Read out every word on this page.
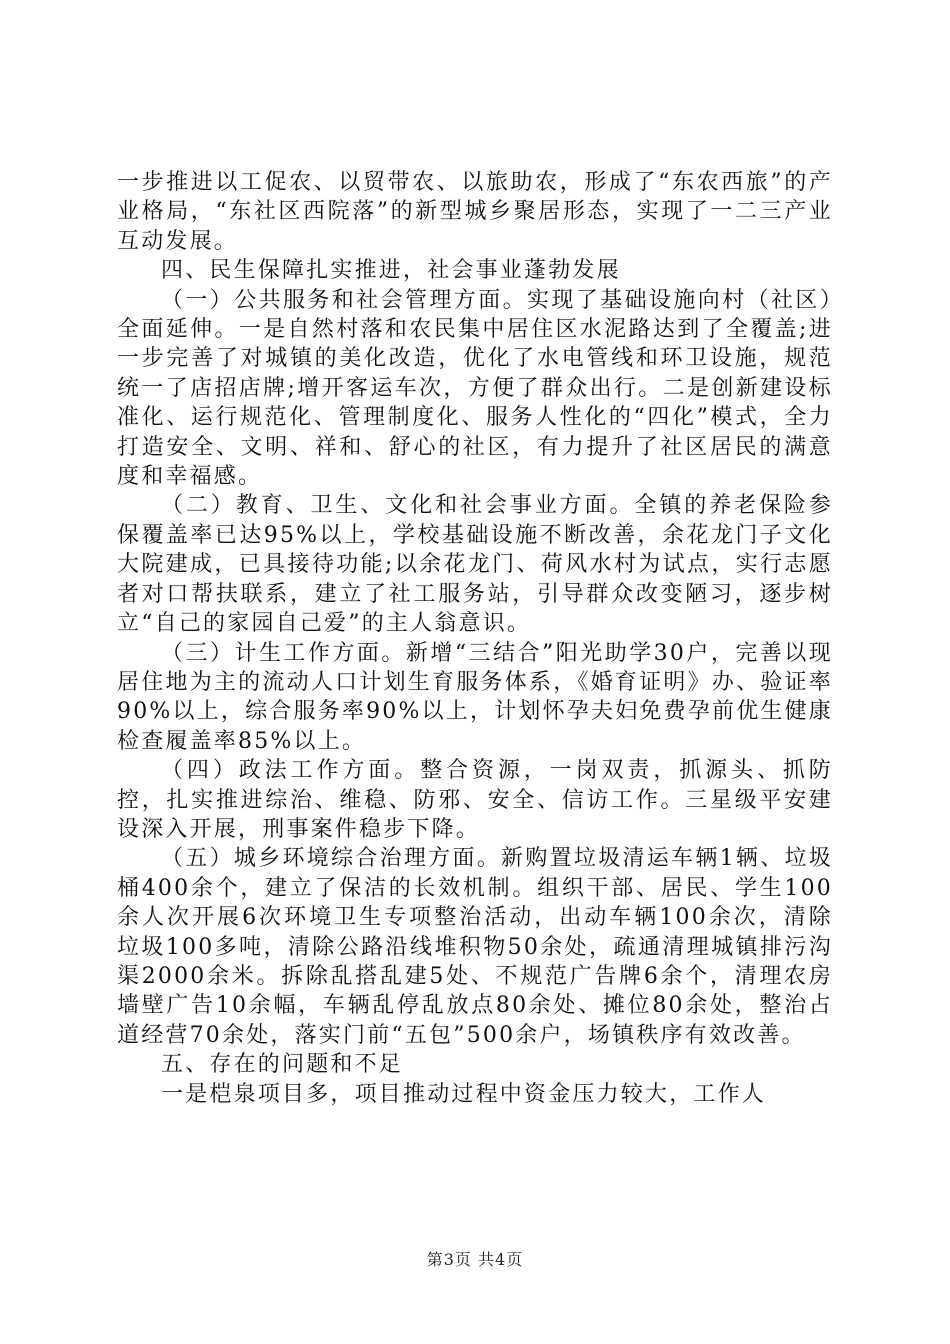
一步推进以工促农、以贸带农、以旅助农，形成了“东农西旅”的产业格局，“东社区西院落”的新型城乡聚居形态，实现了一二三产业互动发展。

四、民生保障扎实推进，社会事业蓬勃发展

（一）公共服务和社会管理方面。实现了基础设施向村（社区）全面延伸。一是自然村落和农民集中居住区水泥路达到了全覆盖;进一步完善了对城镇的美化改造，优化了水电管线和环卫设施，规范统一了店招店牌;增开客运车次，方便了群众出行。二是创新建设标准化、运行规范化、管理制度化、服务人性化的“四化”模式，全力打造安全、文明、祥和、舒心的社区，有力提升了社区居民的满意度和幸福感。

（二）教育、卫生、文化和社会事业方面。全镇的养老保险参保覆盖率已达95%以上，学校基础设施不断改善，余花龙门子文化大院建成，已具接待功能;以余花龙门、荷风水村为试点，实行志愿者对口帮扶联系，建立了社工服务站，引导群众改变陋习，逐步树立“自己的家园自己爱”的主人翁意识。

（三）计生工作方面。新增“三结合”阳光助学30户，完善以现居住地为主的流动人口计划生育服务体系，《婚育证明》办、验证率90%以上，综合服务率90%以上，计划怀孕夫妇免费孕前优生健康检查履盖率85%以上。

（四）政法工作方面。整合资源，一岗双责，抓源头、抓防控，扎实推进综治、维稳、防邪、安全、信访工作。三星级平安建设深入开展，刑事案件稳步下降。

（五）城乡环境综合治理方面。新购置垃圾清运车辆1辆、垃圾桶400余个，建立了保洁的长效机制。组织干部、居民、学生100余人次开展6次环境卫生专项整治活动，出动车辆100余次，清除垃圾100多吨，清除公路沿线堆积物50余处，疏通清理城镇排污沟渠2000余米。拆除乱搭乱建5处、不规范广告牌6余个，清理农房墙壁广告10余幅，车辆乱停乱放点80余处、摊位80余处，整治占道经营70余处，落实门前“五包”500余户，场镇秩序有效改善。

五、存在的问题和不足

一是桤泉项目多，项目推动过程中资金压力较大，工作人

第3页 共4页
